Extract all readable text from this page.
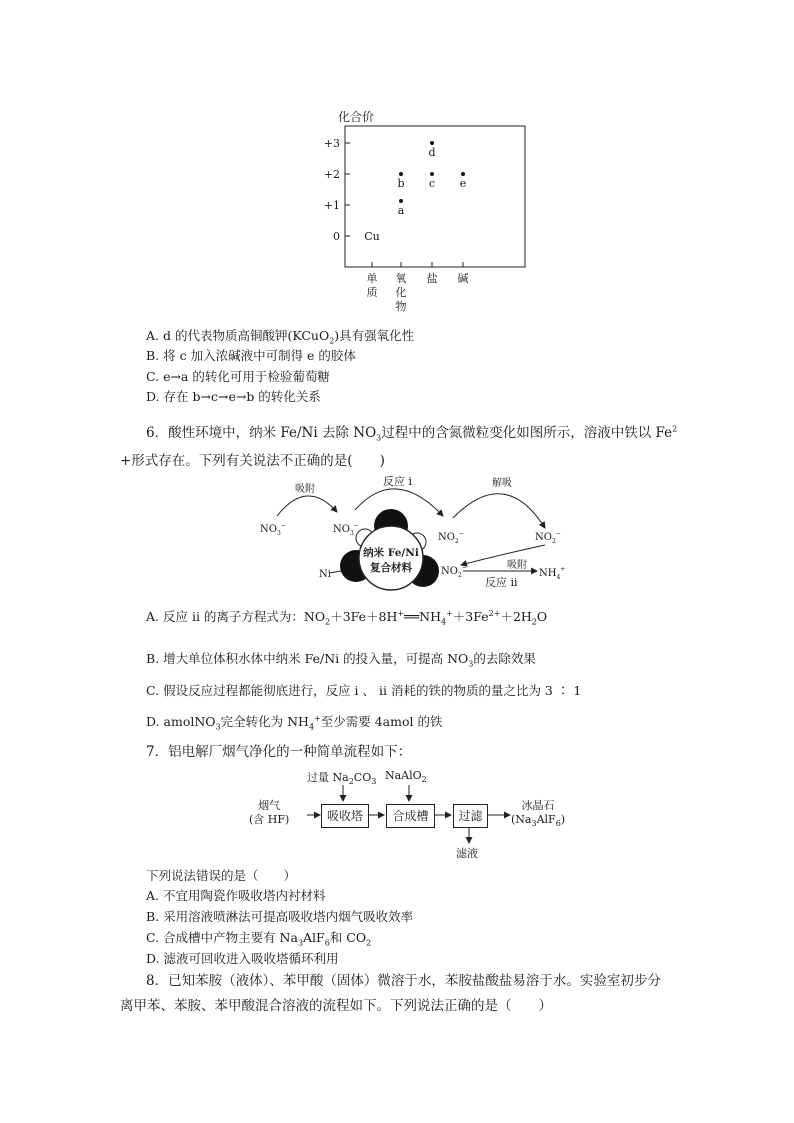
化合价
+3
+2
+1
0 Cu
a
b c
d
e
单质
氧化物
盐 碱
A. d 的代表物质高铜酸钾(KCuO$_2$)具有强氧化性
B. 将 c 加入浓碱液中可制得 e 的胶体
C. e→a 的转化可用于检验葡萄糖
D. 存在 b→c→e→b 的转化关系
6．酸性环境中，纳米 Fe/Ni 去除 $NO_3$过程中的含氮微粒变化如图所示，溶液中铁以 $Fe^2$
+形式存在。下列有关说法不正确的是(　　)
吸附
反应 i	解吸
吸附
反应 ii
$NO_3^-$	$NO_3^-$
$NO_2^-$	$NO_2^-$
$NO_2^-$
$NH_4^+$
Ni
纳米 Fe/Ni
复合材料
A. 反应 ii 的离子方程式为：$NO_2+3Fe+8H^+══NH_4^++3Fe^{2+}+2H_2O$
B. 增大单位体积水体中纳米 Fe/Ni 的投入量，可提高 $NO_3$的去除效果
C. 假设反应过程都能彻底进行，反应 i 、 ii 消耗的铁的物质的量之比为 3 ∶ 1
D. amolNO$_3$完全转化为 $NH_4^+$至少需要 4amol 的铁
7．铝电解厂烟气净化的一种简单流程如下：
过量 $Na_2CO_3$ NaAlO$_2$
烟气
(含 HF)	吸收塔	合成槽	过滤
冰晶石
$(Na_3AlF_6)$
滤液
下列说法错误的是（　　）
A. 不宜用陶瓷作吸收塔内衬材料
B. 采用溶液喷淋法可提高吸收塔内烟气吸收效率
C. 合成槽中产物主要有 $Na_3AlF_6$和 $CO_2$
D. 滤液可回收进入吸收塔循环利用
8．已知苯胺（液体）、苯甲酸（固体）微溶于水，苯胺盐酸盐易溶于水。实验室初步分
离甲苯、苯胺、苯甲酸混合溶液的流程如下。下列说法正确的是（　　）
